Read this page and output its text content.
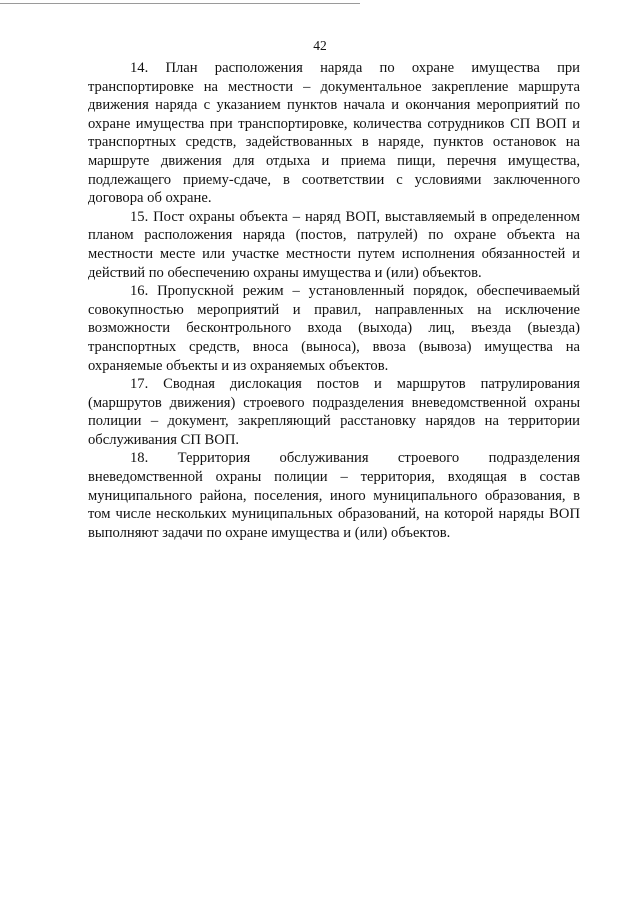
42

14. План расположения наряда по охране имущества при транспортировке на местности – документальное закрепление маршрута движения наряда с указанием пунктов начала и окончания мероприятий по охране имущества при транспортировке, количества сотрудников СП ВОП и транспортных средств, задействованных в наряде, пунктов остановок на маршруте движения для отдыха и приема пищи, перечня имущества, подлежащего приему-сдаче, в соответствии с условиями заключенного договора об охране.

15. Пост охраны объекта – наряд ВОП, выставляемый в определенном планом расположения наряда (постов, патрулей) по охране объекта на местности месте или участке местности путем исполнения обязанностей и действий по обеспечению охраны имущества и (или) объектов.

16. Пропускной режим – установленный порядок, обеспечиваемый совокупностью мероприятий и правил, направленных на исключение возможности бесконтрольного входа (выхода) лиц, въезда (выезда) транспортных средств, вноса (выноса), ввоза (вывоза) имущества на охраняемые объекты и из охраняемых объектов.

17. Сводная дислокация постов и маршрутов патрулирования (маршрутов движения) строевого подразделения вневедомственной охраны полиции – документ, закрепляющий расстановку нарядов на территории обслуживания СП ВОП.

18. Территория обслуживания строевого подразделения вневедомственной охраны полиции – территория, входящая в состав муниципального района, поселения, иного муниципального образования, в том числе нескольких муниципальных образований, на которой наряды ВОП выполняют задачи по охране имущества и (или) объектов.
